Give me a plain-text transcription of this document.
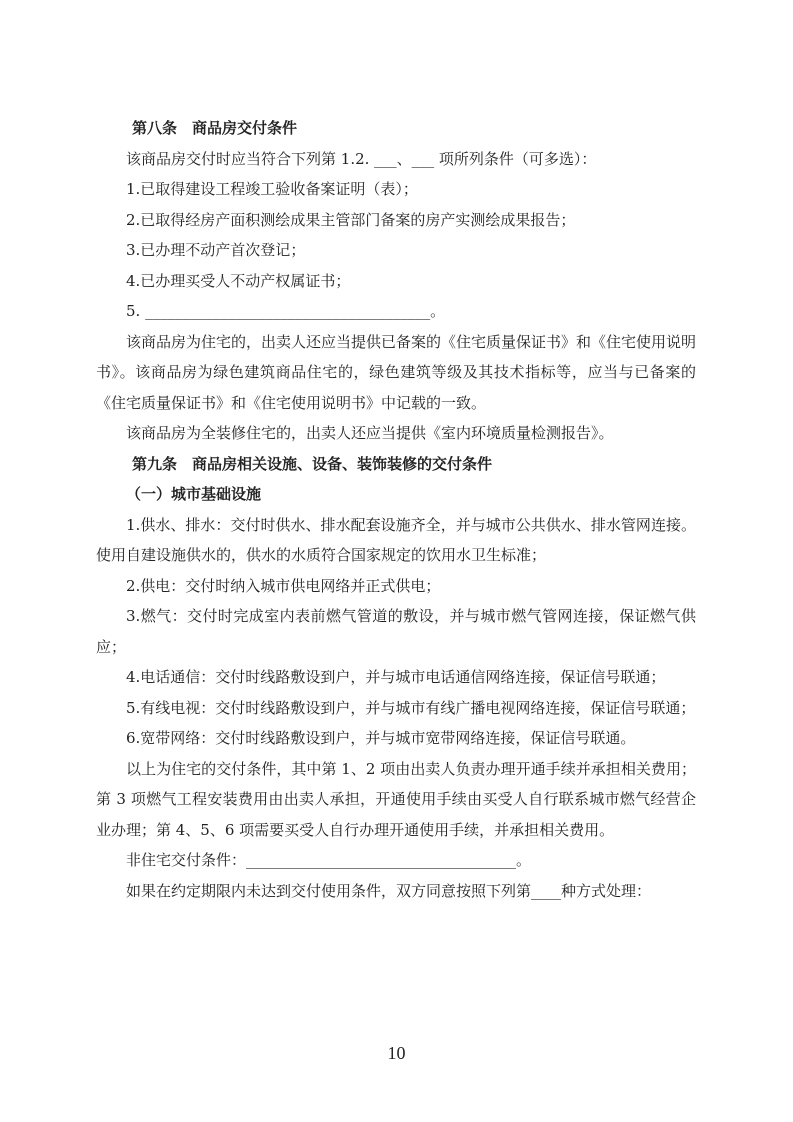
第八条　商品房交付条件

该商品房交付时应当符合下列第 1.2. ___、___ 项所列条件（可多选）：

1.已取得建设工程竣工验收备案证明（表）；

2.已取得经房产面积测绘成果主管部门备案的房产实测绘成果报告；

3.已办理不动产首次登记；

4.已办理买受人不动产权属证书；

5. ______________________________________。

该商品房为住宅的，出卖人还应当提供已备案的《住宅质量保证书》和《住宅使用说明书》。该商品房为绿色建筑商品住宅的，绿色建筑等级及其技术指标等，应当与已备案的《住宅质量保证书》和《住宅使用说明书》中记载的一致。

该商品房为全装修住宅的，出卖人还应当提供《室内环境质量检测报告》。

第九条　商品房相关设施、设备、装饰装修的交付条件
（一）城市基础设施

1.供水、排水：交付时供水、排水配套设施齐全，并与城市公共供水、排水管网连接。使用自建设施供水的，供水的水质符合国家规定的饮用水卫生标准；

2.供电：交付时纳入城市供电网络并正式供电；

3.燃气：交付时完成室内表前燃气管道的敷设，并与城市燃气管网连接，保证燃气供应；

4.电话通信：交付时线路敷设到户，并与城市电话通信网络连接，保证信号联通；

5.有线电视：交付时线路敷设到户，并与城市有线广播电视网络连接，保证信号联通；

6.宽带网络：交付时线路敷设到户，并与城市宽带网络连接，保证信号联通。

以上为住宅的交付条件，其中第 1、2 项由出卖人负责办理开通手续并承担相关费用；第 3 项燃气工程安装费用由出卖人承担，开通使用手续由买受人自行联系城市燃气经营企业办理；第 4、5、6 项需要买受人自行办理开通使用手续，并承担相关费用。

非住宅交付条件：____________________________________。

如果在约定期限内未达到交付使用条件，双方同意按照下列第____种方式处理：

10
